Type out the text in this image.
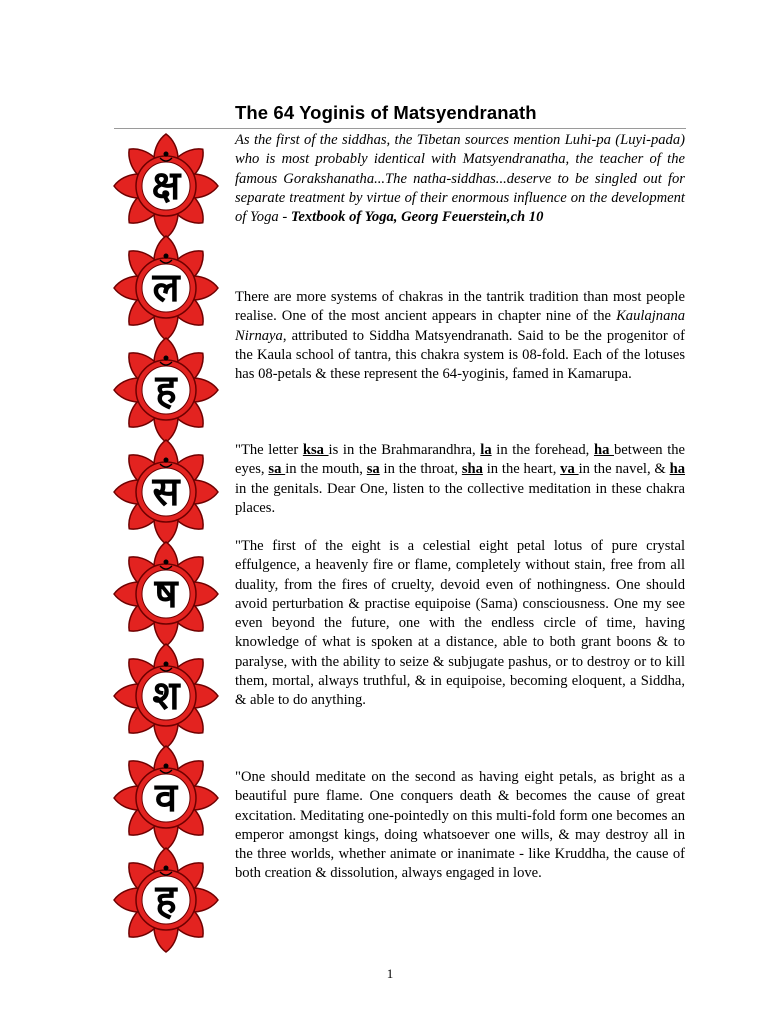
The 64 Yoginis of Matsyendranath
क्ष
ल
ह
स
ष
श
व
ह

As the first of the siddhas, the Tibetan sources mention Luhi-pa (Luyi-pada) who is most probably identical with Matsyendranatha, the teacher of the famous Gorakshanatha...The natha-siddhas...deserve to be singled out for separate treatment by virtue of their enormous influence on the development of Yoga - Textbook of Yoga, Georg Feuerstein,ch 10

There are more systems of chakras in the tantrik tradition than most people realise. One of the most ancient appears in chapter nine of the Kaulajnana Nirnaya, attributed to Siddha Matsyendranath. Said to be the progenitor of the Kaula school of tantra, this chakra system is 08-fold. Each of the lotuses has 08-petals & these represent the 64-yoginis, famed in Kamarupa.

"The letter ksa is in the Brahmarandhra, la in the forehead, ha between the eyes, sa in the mouth, sa in the throat, sha in the heart, va in the navel, & ha in the genitals. Dear One, listen to the collective meditation in these chakra places.

"The first of the eight is a celestial eight petal lotus of pure crystal effulgence, a heavenly fire or flame, completely without stain, free from all duality, from the fires of cruelty, devoid even of nothingness. One should avoid perturbation & practise equipoise (Sama) consciousness. One my see even beyond the future, one with the endless circle of time, having knowledge of what is spoken at a distance, able to both grant boons & to paralyse, with the ability to seize & subjugate pashus, or to destroy or to kill them, mortal, always truthful, & in equipoise, becoming eloquent, a Siddha, & able to do anything.

"One should meditate on the second as having eight petals, as bright as a beautiful pure flame. One conquers death & becomes the cause of great excitation. Meditating one-pointedly on this multi-fold form one becomes an emperor amongst kings, doing whatsoever one wills, & may destroy all in the three worlds, whether animate or inanimate - like Kruddha, the cause of both creation & dissolution, always engaged in love.

1
